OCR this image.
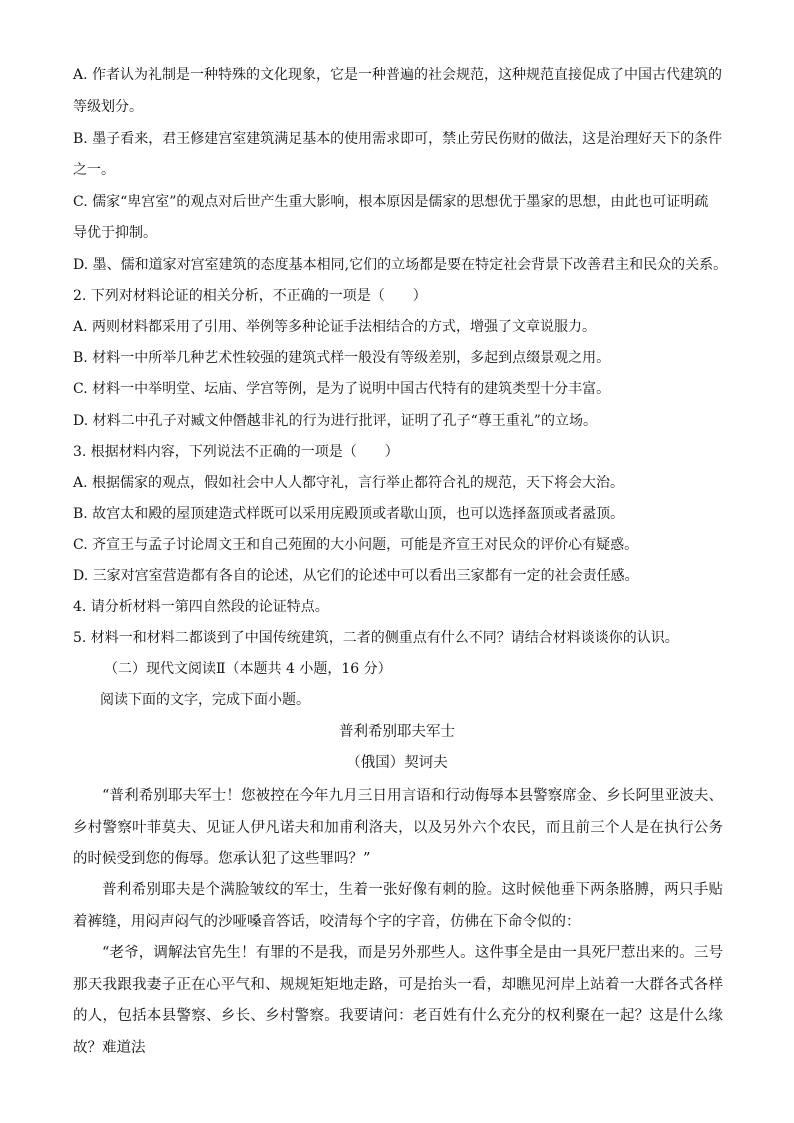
A. 作者认为礼制是一种特殊的文化现象，它是一种普遍的社会规范，这种规范直接促成了中国古代建筑的
等级划分。
B. 墨子看来，君王修建宫室建筑满足基本的使用需求即可，禁止劳民伤财的做法，这是治理好天下的条件
之一。
C. 儒家“卑宫室”的观点对后世产生重大影响，根本原因是儒家的思想优于墨家的思想，由此也可证明疏
导优于抑制。
D. 墨、儒和道家对宫室建筑的态度基本相同,它们的立场都是要在特定社会背景下改善君主和民众的关系。
2. 下列对材料论证的相关分析，不正确的一项是（　　）
A. 两则材料都采用了引用、举例等多种论证手法相结合的方式，增强了文章说服力。
B. 材料一中所举几种艺术性较强的建筑式样一般没有等级差别，多起到点缀景观之用。
C. 材料一中举明堂、坛庙、学宫等例，是为了说明中国古代特有的建筑类型十分丰富。
D. 材料二中孔子对臧文仲僭越非礼的行为进行批评，证明了孔子“尊王重礼”的立场。
3. 根据材料内容，下列说法不正确的一项是（　　）
A. 根据儒家的观点，假如社会中人人都守礼，言行举止都符合礼的规范，天下将会大治。
B. 故宫太和殿的屋顶建造式样既可以采用庑殿顶或者歇山顶，也可以选择盔顶或者盝顶。
C. 齐宣王与孟子讨论周文王和自己苑囿的大小问题，可能是齐宣王对民众的评价心有疑惑。
D. 三家对宫室营造都有各自的论述，从它们的论述中可以看出三家都有一定的社会责任感。
4. 请分析材料一第四自然段的论证特点。
5. 材料一和材料二都谈到了中国传统建筑，二者的侧重点有什么不同？请结合材料谈谈你的认识。
（二）现代文阅读Ⅱ（本题共 4 小题，16 分）
阅读下面的文字，完成下面小题。
普利希别耶夫军士
（俄国）契诃夫
“普利希别耶夫军士！您被控在今年九月三日用言语和行动侮辱本县警察席金、乡长阿里亚波夫、乡村警察叶菲莫夫、见证人伊凡诺夫和加甫利洛夫，以及另外六个农民，而且前三个人是在执行公务的时候受到您的侮辱。您承认犯了这些罪吗？”
普利希别耶夫是个满脸皱纹的军士，生着一张好像有刺的脸。这时候他垂下两条胳膊，两只手贴着裤缝，用闷声闷气的沙哑嗓音答话，咬清每个字的字音，仿佛在下命令似的：
“老爷，调解法官先生！有罪的不是我，而是另外那些人。这件事全是由一具死尸惹出来的。三号那天我跟我妻子正在心平气和、规规矩矩地走路，可是抬头一看，却瞧见河岸上站着一大群各式各样的人，包括本县警察、乡长、乡村警察。我要请问：老百姓有什么充分的权利聚在一起？这是什么缘故？难道法
